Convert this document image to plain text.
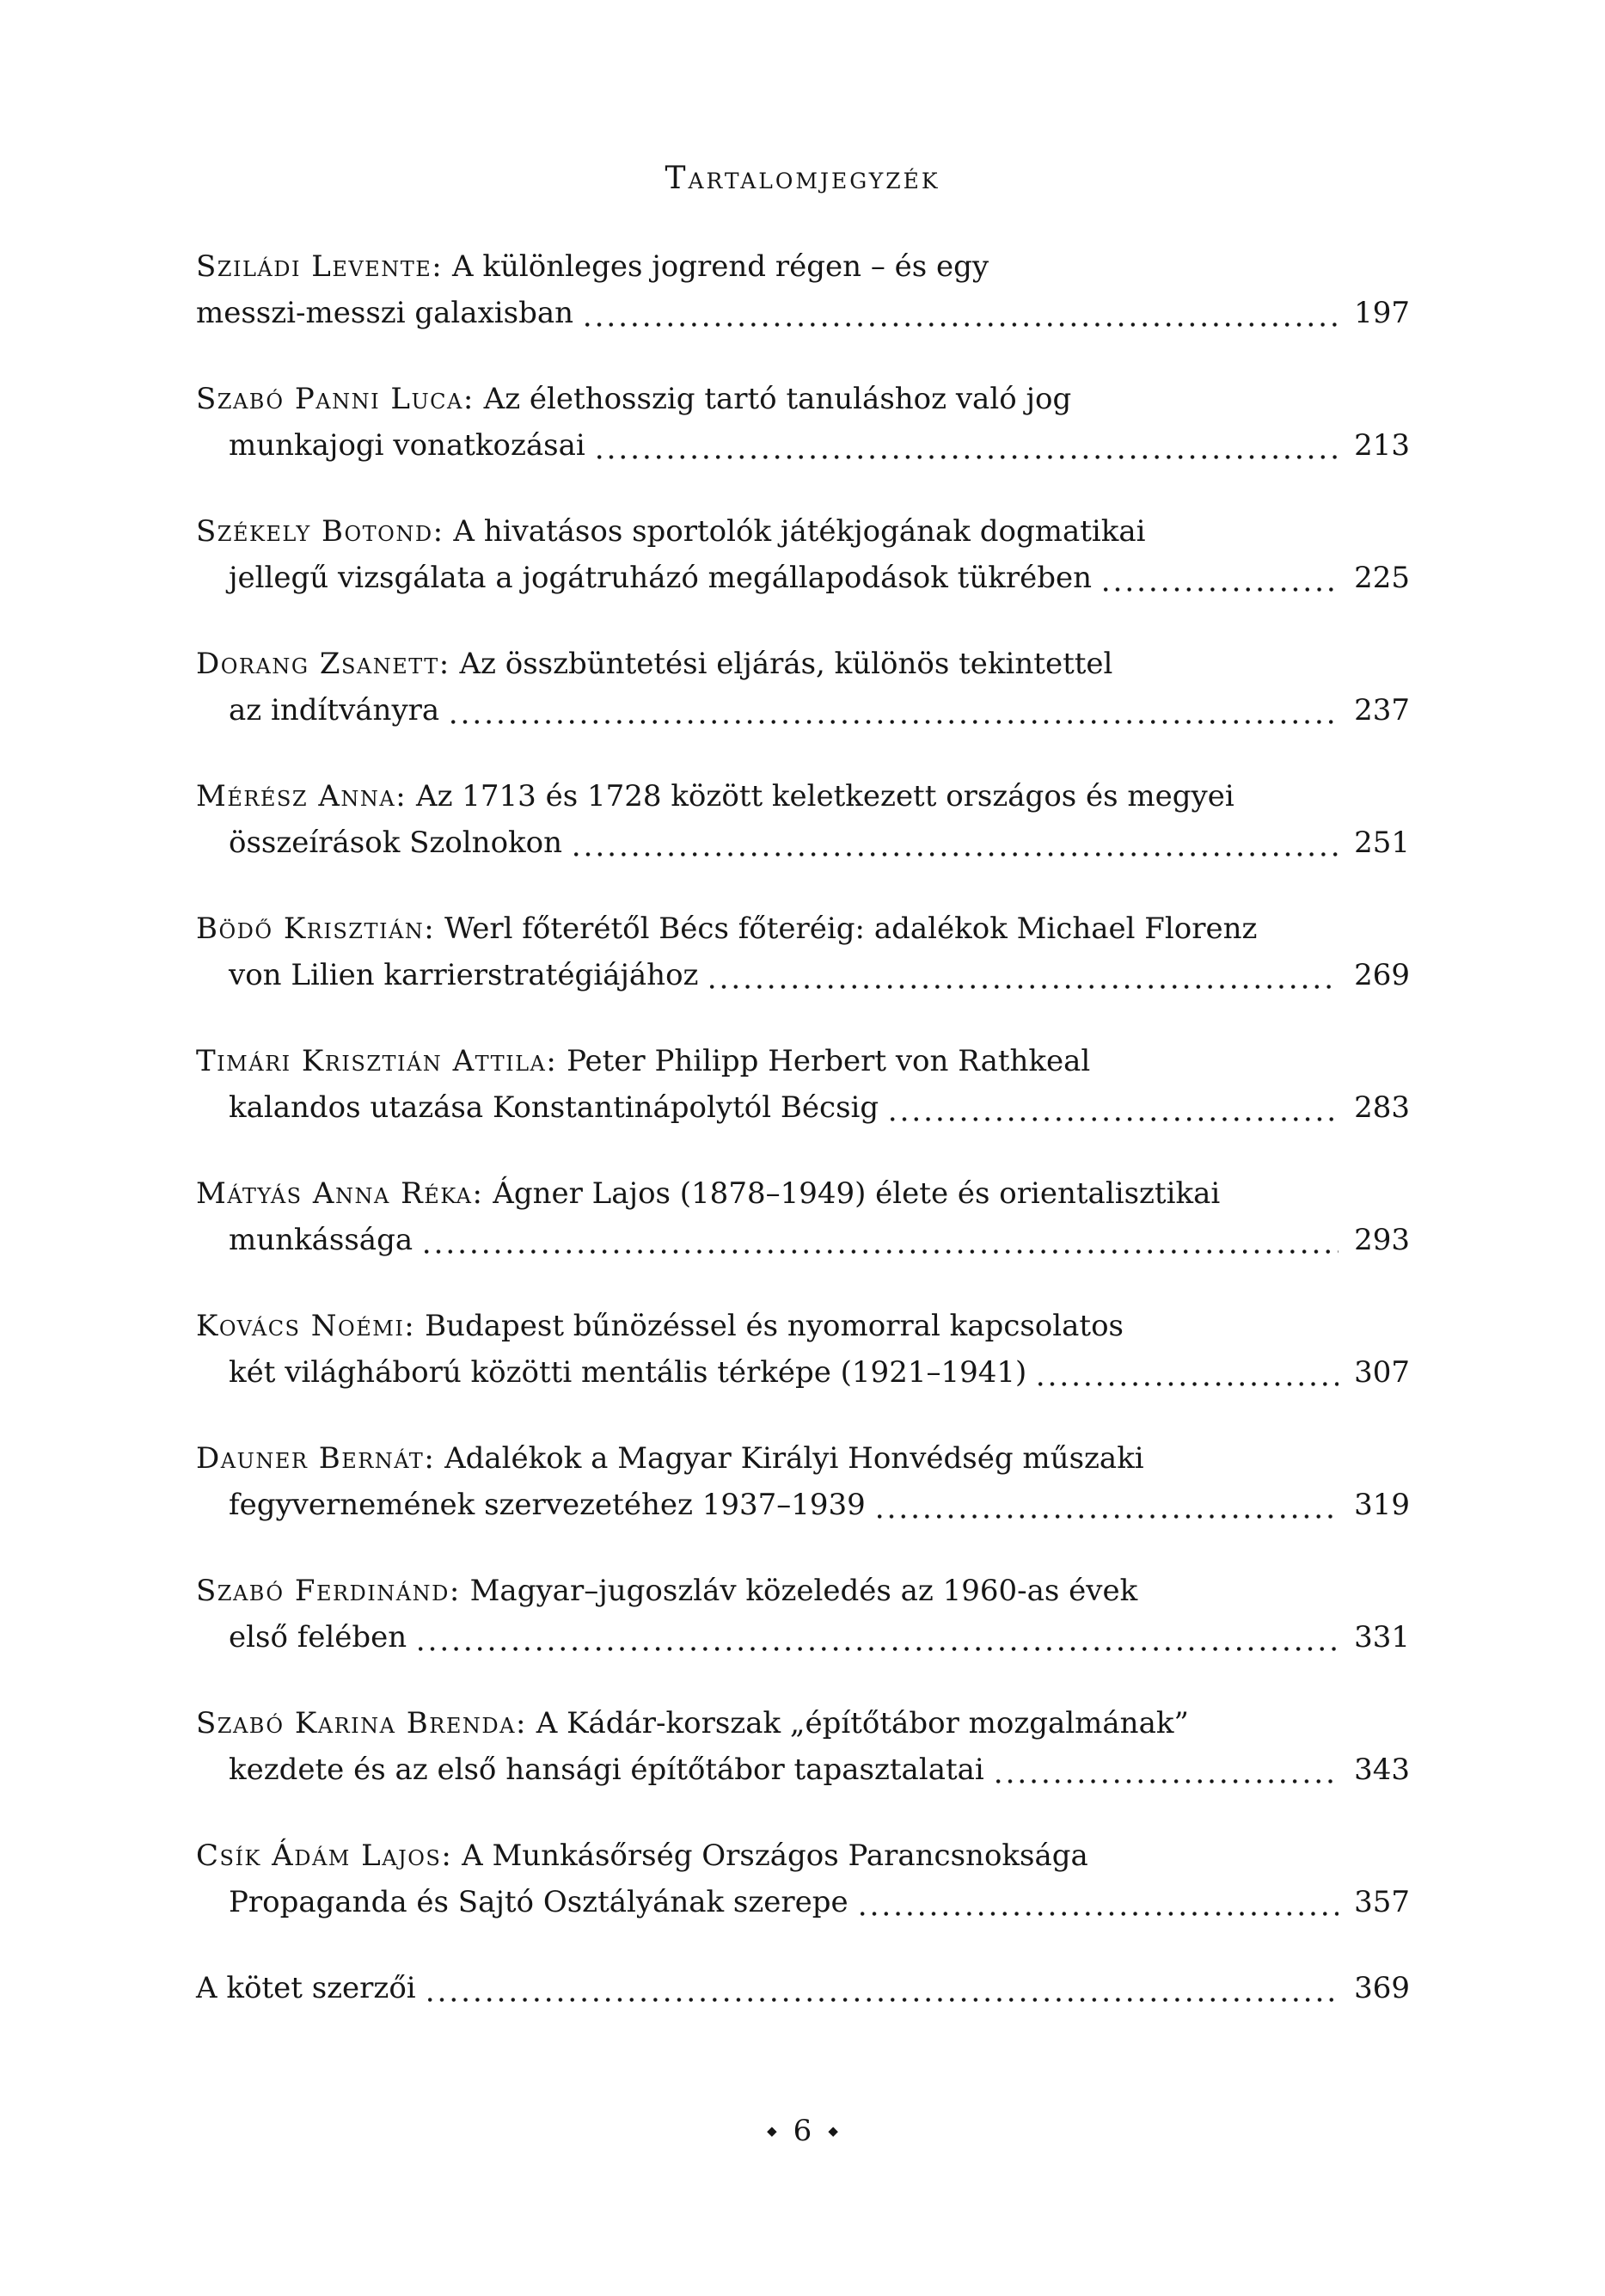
Tartalomjegyzék
Sziládi Levente: A különleges jogrend régen – és egy
messzi-messzi galaxisban	197
Szabó Panni Luca: Az élethosszig tartó tanuláshoz való jog
munkajogi vonatkozásai	213
Székely Botond: A hivatásos sportolók játékjogának dogmatikai
jellegű vizsgálata a jogátruházó megállapodások tükrében	225
Dorang Zsanett: Az összbüntetési eljárás, különös tekintettel
az indítványra	237
Mérész Anna: Az 1713 és 1728 között keletkezett országos és megyei
összeírások Szolnokon	251
Bödő Krisztián: Werl főterétől Bécs főteréig: adalékok Michael Florenz
von Lilien karrierstratégiájához	269
Timári Krisztián Attila: Peter Philipp Herbert von Rathkeal
kalandos utazása Konstantinápolytól Bécsig	283
Mátyás Anna Réka: Ágner Lajos (1878–1949) élete és orientalisztikai
munkássága	293
Kovács Noémi: Budapest bűnözéssel és nyomorral kapcsolatos
két világháború közötti mentális térképe (1921–1941)	307
Dauner Bernát: Adalékok a Magyar Királyi Honvédség műszaki
fegyvernemének szervezetéhez 1937–1939	319
Szabó Ferdinánd: Magyar–jugoszláv közeledés az 1960-as évek
első felében	331
Szabó Karina Brenda: A Kádár-korszak „építőtábor mozgalmának”
kezdete és az első hansági építőtábor tapasztalatai	343
Csík Ádám Lajos: A Munkásőrség Országos Parancsnoksága
Propaganda és Sajtó Osztályának szerepe	357
A kötet szerzői	369
◆ 6 ◆
